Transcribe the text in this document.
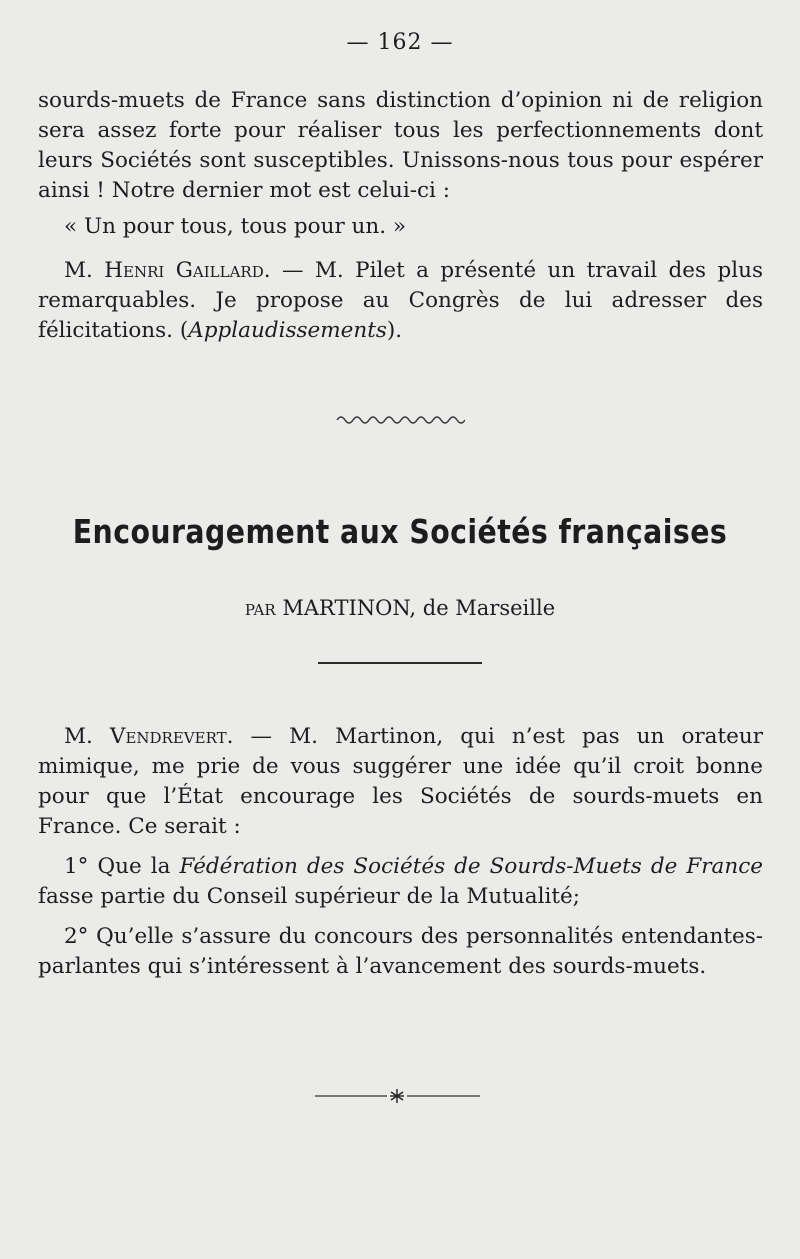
— 162 —

sourds-muets de France sans distinction d’opinion ni de religion sera assez forte pour réaliser tous les perfectionnements dont leurs Sociétés sont susceptibles. Unissons-nous tous pour espérer ainsi ! Notre dernier mot est celui-ci :

« Un pour tous, tous pour un. »

M. Henri Gaillard. — M. Pilet a présenté un travail des plus remarquables. Je propose au Congrès de lui adresser des félicitations. (Applaudissements).

Encouragement aux Sociétés françaises
par MARTINON, de Marseille

M. Vendrevert. — M. Martinon, qui n’est pas un orateur mimique, me prie de vous suggérer une idée qu’il croit bonne pour que l’État encourage les Sociétés de sourds-muets en France. Ce serait :

1° Que la Fédération des Sociétés de Sourds-Muets de France fasse partie du Conseil supérieur de la Mutualité;

2° Qu’elle s’assure du concours des personnalités entendantes-parlantes qui s’intéressent à l’avancement des sourds-muets.
